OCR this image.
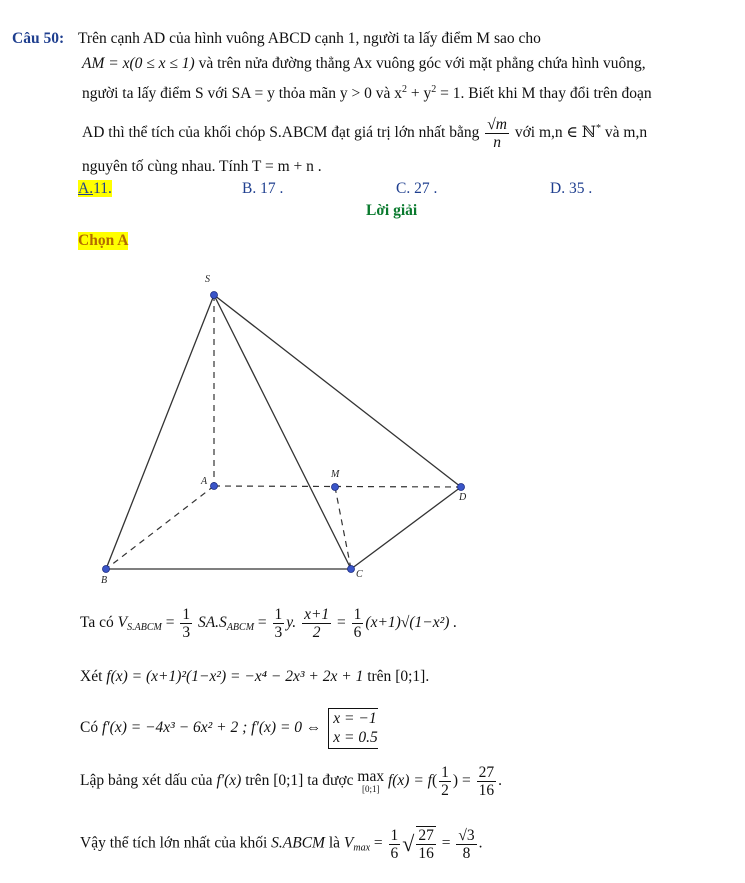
Câu 50: Trên cạnh AD của hình vuông ABCD cạnh 1, người ta lấy điểm M sao cho
AM = x(0 ≤ x ≤ 1) và trên nửa đường thẳng Ax vuông góc với mặt phẳng chứa hình vuông,
người ta lấy điểm S với SA = y thỏa mãn y > 0 và $x^2 + y^2 = 1$. Biết khi M thay đổi trên đoạn
AD thì thể tích của khối chóp S.ABCM đạt giá trị lớn nhất bằng $\frac{√m}{n}$ với m,n ∈ ℕ* và m,n
nguyên tố cùng nhau. Tính T = m + n .
A.11.	B. 17 .	C. 27 .	D. 35 .
Lời giải
Chọn A
S
A
M
D
B
C
Ta có $V_{S.ABCM} = \frac{1}{3} SA.S_{ABCM} = \frac{1}{3} y$. $\frac{x+1}{2} = \frac{1}{6} (x+1)√(1-x^2)$ .
Xét f(x) = (x+1)²(1−x²) = −x⁴ − 2x³ + 2x + 1 trên [0;1].
Có f′(x) = −4x³ − 6x² + 2 ; f′(x) = 0 ⇔
x = −1
x = 0.5
Lập bảng xét dấu của f′(x) trên [0;1] ta được max
[0;1] $f(x) = f( \frac{1}{2}$ ) = $\frac{27}{16}$ .
Vậy thể tích lớn nhất của khối S.ABCM là $V_{max} = \frac{1}{6}$ √ $\frac{27}{16} = \frac{√3}{8}$ .
